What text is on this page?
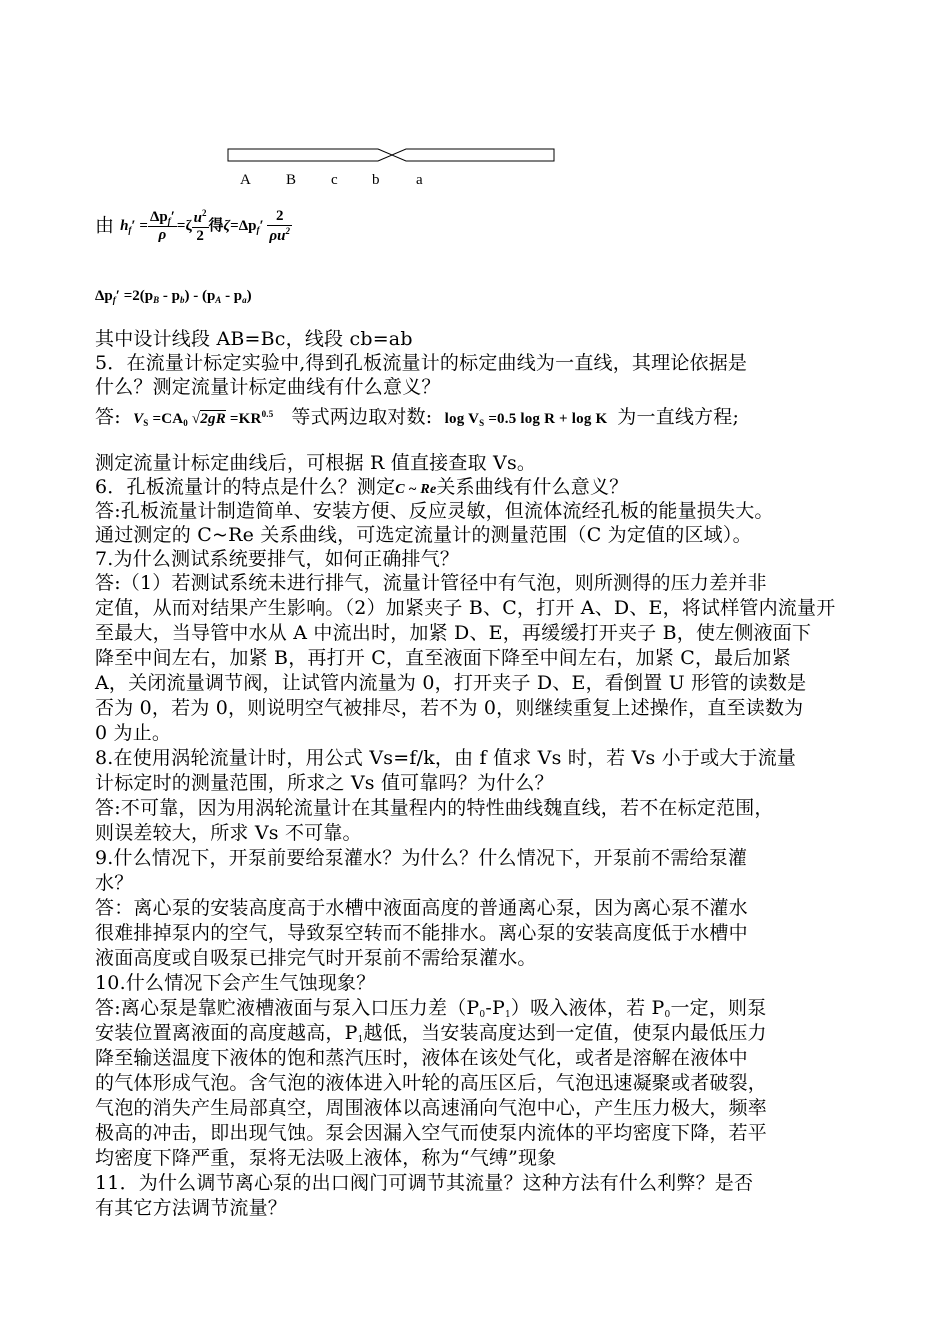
A B c b a
由 $h_f' = \frac{\Delta p_f'}{\rho} =\zeta \frac{u^2}{2}$ 得$\zeta=\Delta p_f' \frac{2}{\rho u^2}$
$\Delta p_f' =2(p_B - p_b) - (p_A - p_a)$
其中设计线段 AB=Bc，线段 cb=ab
5．在流量计标定实验中,得到孔板流量计的标定曲线为一直线，其理论依据是
什么？测定流量计标定曲线有什么意义？
答: $V_S =CA_0$ $√2gR =KR^{0.5}$ 等式两边取对数: $\log V_S =0.5$ log R + log K 为一直线方程;
测定流量计标定曲线后，可根据 R 值直接查取 Vs。
6．孔板流量计的特点是什么？测定C ~ Re关系曲线有什么意义？
答:孔板流量计制造简单、安装方便、反应灵敏，但流体流经孔板的能量损失大。
通过测定的 C~Re 关系曲线，可选定流量计的测量范围（C 为定值的区域）。
7.为什么测试系统要排气，如何正确排气？
答:（1）若测试系统未进行排气，流量计管径中有气泡，则所测得的压力差并非
定值，从而对结果产生影响。（2）加紧夹子 B、C，打开 A、D、E，将试样管内流量开
至最大，当导管中水从 A 中流出时，加紧 D、E，再缓缓打开夹子 B，使左侧液面下
降至中间左右，加紧 B，再打开 C，直至液面下降至中间左右，加紧 C，最后加紧
A，关闭流量调节阀，让试管内流量为 0，打开夹子 D、E，看倒置 U 形管的读数是
否为 0，若为 0，则说明空气被排尽，若不为 0，则继续重复上述操作，直至读数为
0 为止。
8.在使用涡轮流量计时，用公式 Vs=f/k，由 f 值求 Vs 时，若 Vs 小于或大于流量
计标定时的测量范围，所求之 Vs 值可靠吗？为什么？
答:不可靠，因为用涡轮流量计在其量程内的特性曲线魏直线，若不在标定范围，
则误差较大，所求 Vs 不可靠。
9.什么情况下，开泵前要给泵灌水？为什么？什么情况下，开泵前不需给泵灌
水？
答：离心泵的安装高度高于水槽中液面高度的普通离心泵，因为离心泵不灌水
很难排掉泵内的空气，导致泵空转而不能排水。离心泵的安装高度低于水槽中
液面高度或自吸泵已排完气时开泵前不需给泵灌水。
10.什么情况下会产生气蚀现象？
答:离心泵是靠贮液槽液面与泵入口压力差$(P_0-P_1)$吸入液体，若 $P_0$一定，则泵
安装位置离液面的高度越高，$P_1$越低，当安装高度达到一定值，使泵内最低压力
降至输送温度下液体的饱和蒸汽压时，液体在该处气化，或者是溶解在液体中
的气体形成气泡。含气泡的液体进入叶轮的高压区后，气泡迅速凝聚或者破裂，
气泡的消失产生局部真空，周围液体以高速涌向气泡中心，产生压力极大，频率
极高的冲击，即出现气蚀。泵会因漏入空气而使泵内流体的平均密度下降，若平
均密度下降严重，泵将无法吸上液体，称为“气缚”现象
11．为什么调节离心泵的出口阀门可调节其流量？这种方法有什么利弊？是否
有其它方法调节流量？
